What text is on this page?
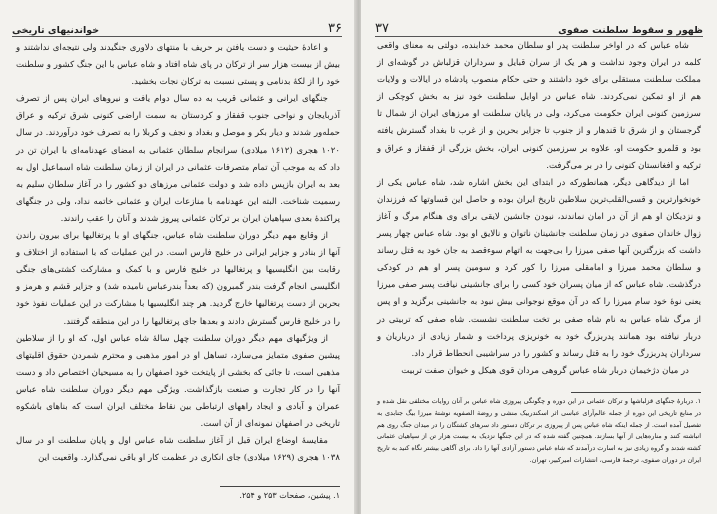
۳۶
خواندنیهای تاریخی

و اعادهٔ حیثیت و دست یافتن بر حریف با منتهای دلاوری جنگیدند ولی نتیجه‌ای نداشتند و بیش از بیست هزار سر از ترکان در پای شاه افتاد و شاه عباس با این جنگ کشور و سلطنت خود را از لکهٔ بدنامی و پستی نسبت به ترکان نجات بخشید.

جنگهای ایرانی و عثمانی قریب به ده سال دوام یافت و نیروهای ایران پس از تصرف آذربایجان و نواحی جنوب قفقاز و کردستان به سمت اراضی کنونی شرق ترکیه و عراق حمله‌ور شدند و دیار بکر و موصل و بغداد و نجف و کربلا را به تصرف خود درآوردند. در سال ۱۰۲۰ هجری (۱۶۱۲ میلادی) سرانجام سلطان عثمانی به امضای عهدنامه‌ای با ایران تن در داد که به موجب آن تمام متصرفات عثمانی در ایران از زمان سلطنت شاه اسماعیل اول به بعد به ایران بازپس داده شد و دولت عثمانی مرزهای دو کشور را در آغاز سلطان سلیم به رسمیت شناخت. البته این عهدنامه با منازعات ایران و عثمانی خاتمه نداد، ولی در جنگهای پراکندهٔ بعدی سپاهیان ایران بر ترکان عثمانی پیروز شدند و آنان را عقب راندند.

از وقایع مهم دیگر دوران سلطنت شاه عباس، جنگهای او با پرتغالیها برای بیرون راندن آنها از بنادر و جزایر ایرانی در خلیج فارس است. در این عملیات که با استفاده از اختلاف و رقابت بین انگلیسیها و پرتغالیها در خلیج فارس و با کمک و مشارکت کشتی‌های جنگی انگلیسی انجام گرفت بندر گمبرون (که بعداً بندرعباس نامیده شد) و جزایر قشم و هرمز و بحرین از دست پرتغالیها خارج گردید. هر چند انگلیسیها با مشارکت در این عملیات نفوذ خود را در خلیج فارس گسترش دادند و بعدها جای پرتغالیها را در این منطقه گرفتند.

از ویژگیهای مهم دیگر دوران سلطنت چهل سالهٔ شاه عباس اول، که او را از سلاطین پیشین صفوی متمایز می‌سازد، تساهل او در امور مذهبی و محترم شمردن حقوق اقلیتهای مذهبی است، تا جائی که بخشی از پایتخت خود اصفهان را به مسیحیان اختصاص داد و دست آنها را در کار تجارت و صنعت بازگذاشت. ویژگی مهم دیگر دوران سلطنت شاه عباس عمران و آبادی و ایجاد راههای ارتباطی بین نقاط مختلف ایران است که بناهای باشکوه تاریخی در اصفهان نمونه‌ای از آن است.

مقایسهٔ اوضاع ایران قبل از آغاز سلطنت شاه عباس اول و پایان سلطنت او در سال ۱۰۳۸ هجری (۱۶۲۹ میلادی) جای انکاری در عظمت کار او باقی نمی‌گذارد. واقعیت این

۱. پیشین، صفحات ۲۵۳ و ۲۵۴.
ظهور و سقوط سلطنت صفوی
۳۷

شاه عباس که در اواخر سلطنت پدر او سلطان محمد خدابنده، دولتی به معنای واقعی کلمه در ایران وجود نداشت و هر یک از سران قبایل و سرداران قزلباش در گوشه‌ای از مملکت سلطنت مستقلی برای خود داشتند و حتی حکام منصوب پادشاه در ایالات و ولایات هم از او تمکین نمی‌کردند. شاه عباس در اوایل سلطنت خود نیز به بخش کوچکی از سرزمین کنونی ایران حکومت می‌کرد، ولی در پایان سلطنت او مرزهای ایران از شمال تا گرجستان و از شرق تا قندهار و از جنوب تا جزایر بحرین و از غرب تا بغداد گسترش یافته بود و قلمرو حکومت او، علاوه بر سرزمین کنونی ایران، بخش بزرگی از قفقاز و عراق و ترکیه و افغانستان کنونی را در بر می‌گرفت.

اما از دیدگاهی دیگر، همانطورکه در ابتدای این بخش اشاره شد، شاه عباس یکی از خونخوارترین و قسی‌القلب‌ترین سلاطین تاریخ ایران بوده و حاصل این قساوتها که فرزندان و نزدیکان او هم از آن در امان نماندند، نبودن جانشین لایقی برای وی هنگام مرگ و آغاز زوال خاندان صفوی در زمان سلطنت جانشینان ناتوان و نالایق او بود. شاه عباس چهار پسر داشت که بزرگترین آنها صفی میرزا را بی‌جهت به اتهام سوءقصد به جان خود به قتل رساند و سلطان محمد میرزا و امامقلی میرزا را کور کرد و سومین پسر او هم در کودکی درگذشت. شاه عباس که از میان پسران خود کسی را برای جانشینی نیافت پسر صفی میرزا یعنی نوهٔ خود سام میرزا را که در آن موقع نوجوانی بیش نبود به جانشینی برگزید و او پس از مرگ شاه عباس به نام شاه صفی بر تخت سلطنت نشست. شاه صفی که تربیتی در دربار نیافته بود همانند پدربزرگ خود به خونریزی پرداخت و شمار زیادی از درباریان و سرداران پدربزرگ خود را به قتل رساند و کشور را در سراشیبی انحطاط قرار داد.

در میان دژخیمان دربار شاه عباس گروهی مردان قوی هیکل و خیوان صفت تربیت

۱. دربارهٔ جنگهای قزلباشها و ترکان عثمانی در این دوره و چگونگی پیروزی شاه عباس بر آنان روایات مختلفی نقل شده و در منابع تاریخی این دوره از جمله عالم‌آرای عباسی اثر اسکندربیک منشی و روضة الصفویه نوشتهٔ میرزا بیگ جنابدی به تفصیل آمده است. از جمله اینکه شاه عباس پس از پیروزی بر ترکان دستور داد سرهای کشتگان را در میدان جنگ روی هم انباشته کنند و مناره‌هایی از آنها بسازند. همچنین گفته شده که در این جنگها نزدیک به بیست هزار تن از سپاهیان عثمانی کشته شدند و گروه زیادی نیز به اسارت درآمدند که شاه عباس دستور آزادی آنها را داد. برای آگاهی بیشتر نگاه کنید به تاریخ ایران در دوران صفوی، ترجمهٔ فارسی، انتشارات امیرکبیر، تهران.
